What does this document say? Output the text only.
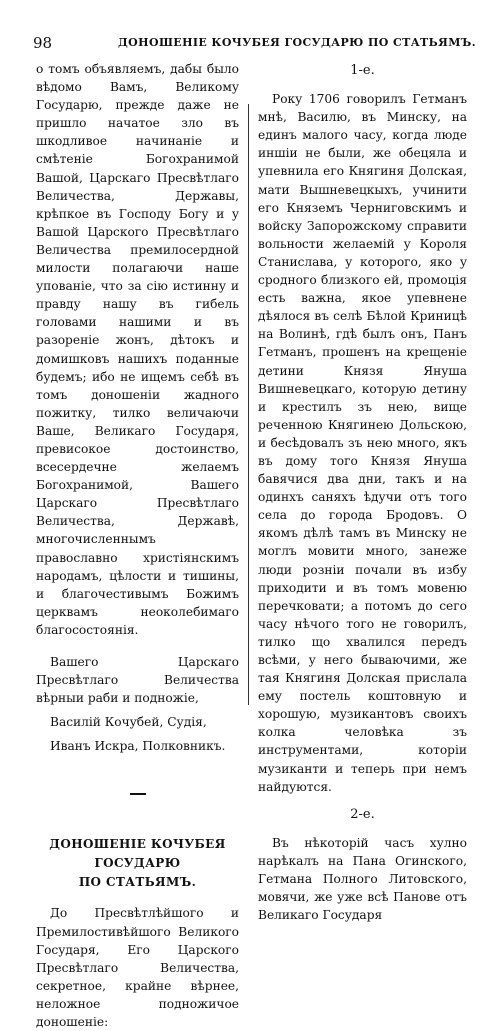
98	ДОНОШЕНІЕ КОЧУБЕЯ ГОСУДАРЮ ПО СТАТЬЯМЪ.

о томъ объявляемъ, дабы было вѣдомо Вамъ, Великому Государю, прежде даже не пришло начатое зло въ шкодливое начинаніе и смѣтеніе Богохранимой Вашой, Царскаго Пресвѣтлаго Величества, Державы, крѣпкое въ Господу Богу и у Вашой Царского Пресвѣтлаго Величества премилосердной милости полагаючи наше упованіе, что за сію истинну и правду нашу въ гибель головами нашими и въ разореніе жонъ, дѣтокъ и домишковъ нашихъ поданные будемъ; ибо не ищемъ себѣ въ томъ доношеніи жадного пожитку, тилко величаючи Ваше, Великаго Государя, превисокое достоинство, всесердечне желаемъ Богохранимой, Вашего Царскаго Пресвѣтлаго Величества, Державѣ, многочисленнымъ православно христіянскимъ народамъ, цѣлости и тишины, и благочестивымъ Божимъ церквамъ неоколебимаго благосостоянія.

Вашего Царскаго Пресвѣтлаго Величества вѣрныи раби и подножіе,

Василій Кочубей, Судія,

Иванъ Искра, Полковникъ.

ДОНОШЕНІЕ КОЧУБЕЯ ГОСУДАРЮ
ПО СТАТЬЯМЪ.

До Пресвѣтлѣйшого и Премилостивѣйшого Великого Государя, Его Царского Пресвѣтлаго Величества, секретное, крайне вѣрнее, неложное подножичое доношеніе:

1-е.

Року 1706 говорилъ Гетманъ мнѣ, Василю, въ Минску, на единъ малого часу, когда люде иншіи не были, же обецяла и упевнила его Княгиня Долская, мати Вышневецкыхъ, учинити его Княземъ Черниговскимъ и войску Запорожскому справити вольности желаемій у Короля Станислава, у которого, яко у сродного близкого ей, промоція есть важна, якое упевнене дѣялося въ селѣ Бѣлой Криницѣ на Волинѣ, гдѣ былъ онъ, Панъ Гетманъ, прошенъ на крещеніе детини Князя Януша Вишневецкаго, которую детину и крестилъ зъ нею, вище реченною Княгинею Дольскою, и бесѣдовалъ зъ нею много, якъ въ дому того Князя Януша бавячися два дни, такъ и на одинхъ саняхъ ѣдучи отъ того села до города Бродовъ. О якомъ дѣлѣ тамъ въ Минску не моглъ мовити много, занеже люди розніи почали въ избу приходити и въ томъ мовеню перечковати; а потомъ до сего часу нѣчого того не говорилъ, тилко що хвалился передъ всѣми, у него бываючими, же тая Княгиня Долская прислала ему постель коштовную и хорошую, музикантовъ своихъ колка человѣка зъ инструментами, которіи музиканти и теперь при немъ найдуются.

2-е.

Въ нѣкоторій часъ хулно нарѣкалъ на Пана Огинского, Гетмана Полного Литовского, мовячи, же уже всѣ Панове отъ Великаго Государя
